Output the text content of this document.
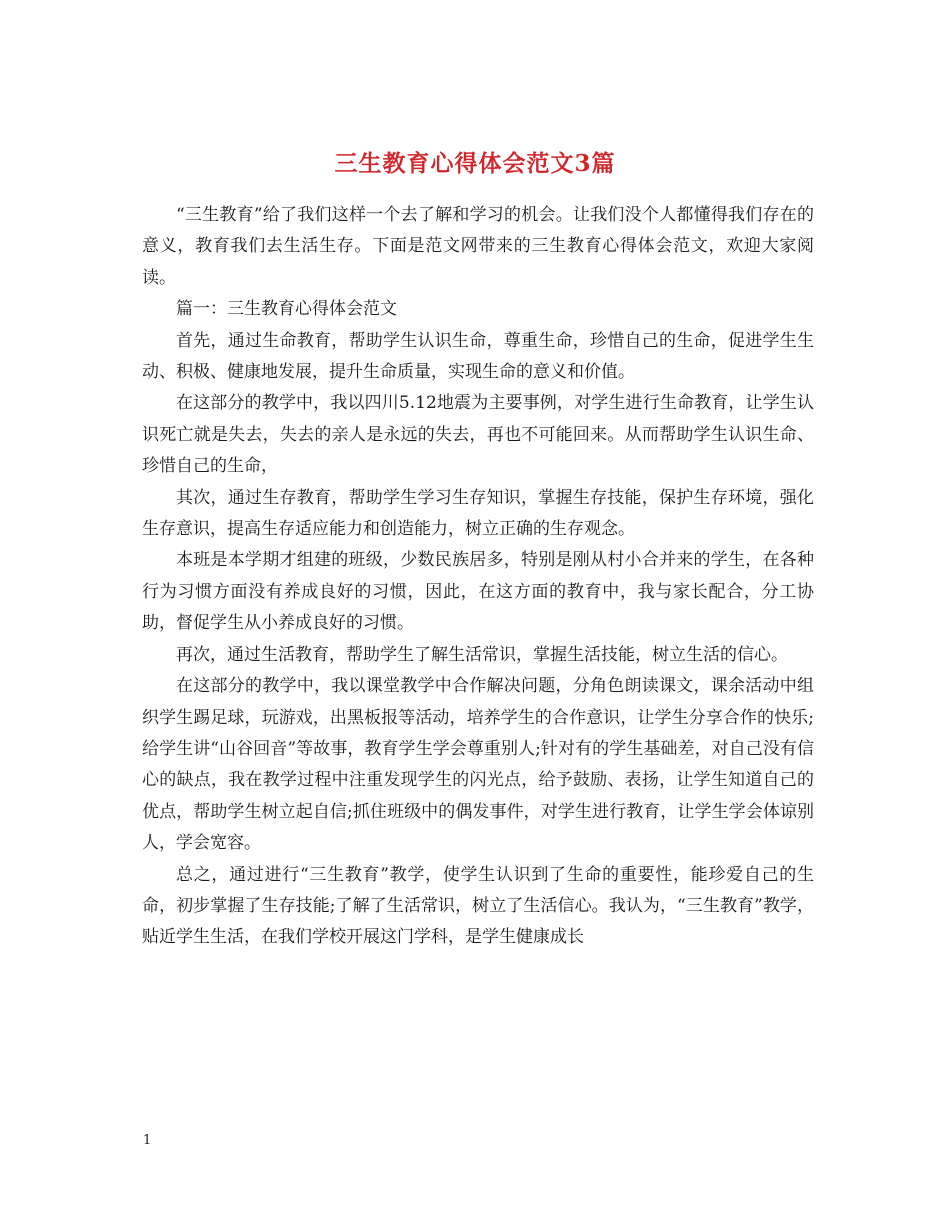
三生教育心得体会范文3篇

“三生教育”给了我们这样一个去了解和学习的机会。让我们没个人都懂得我们存在的意义，教育我们去生活生存。下面是范文网带来的三生教育心得体会范文，欢迎大家阅读。

篇一：三生教育心得体会范文

首先，通过生命教育，帮助学生认识生命，尊重生命，珍惜自己的生命，促进学生生动、积极、健康地发展，提升生命质量，实现生命的意义和价值。

在这部分的教学中，我以四川5.12地震为主要事例，对学生进行生命教育，让学生认识死亡就是失去，失去的亲人是永远的失去，再也不可能回来。从而帮助学生认识生命、珍惜自己的生命，

其次，通过生存教育，帮助学生学习生存知识，掌握生存技能，保护生存环境，强化生存意识，提高生存适应能力和创造能力，树立正确的生存观念。

本班是本学期才组建的班级，少数民族居多，特别是刚从村小合并来的学生，在各种行为习惯方面没有养成良好的习惯，因此，在这方面的教育中，我与家长配合，分工协助，督促学生从小养成良好的习惯。

再次，通过生活教育，帮助学生了解生活常识，掌握生活技能，树立生活的信心。

在这部分的教学中，我以课堂教学中合作解决问题，分角色朗读课文，课余活动中组织学生踢足球，玩游戏，出黑板报等活动，培养学生的合作意识，让学生分享合作的快乐;给学生讲“山谷回音”等故事，教育学生学会尊重别人;针对有的学生基础差，对自己没有信心的缺点，我在教学过程中注重发现学生的闪光点，给予鼓励、表扬，让学生知道自己的优点，帮助学生树立起自信;抓住班级中的偶发事件，对学生进行教育，让学生学会体谅别人，学会宽容。

总之，通过进行“三生教育”教学，使学生认识到了生命的重要性，能珍爱自己的生命，初步掌握了生存技能;了解了生活常识，树立了生活信心。我认为，“三生教育”教学，贴近学生生活，在我们学校开展这门学科，是学生健康成长

1
